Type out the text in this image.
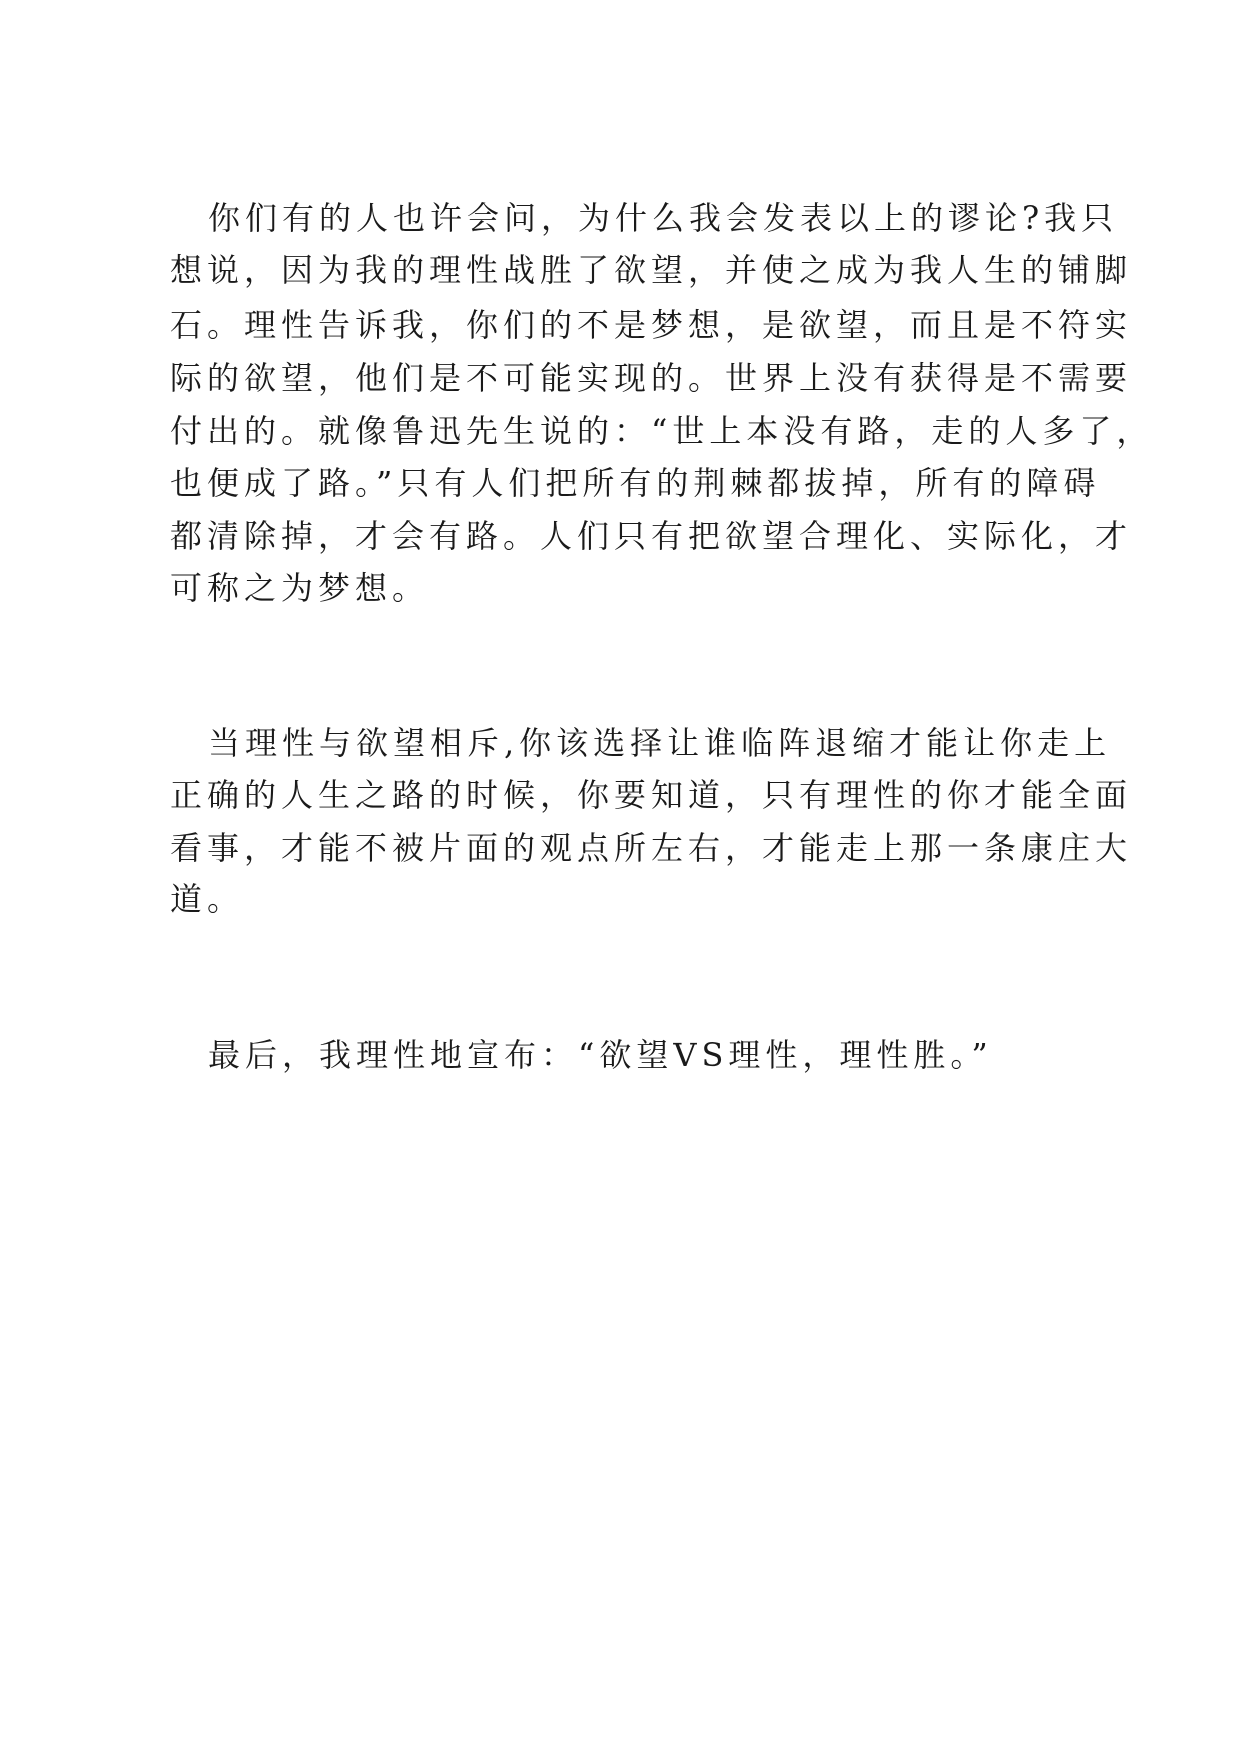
你们有的人也许会问，为什么我会发表以上的谬论?我只
想说，因为我的理性战胜了欲望，并使之成为我人生的铺脚
石。理性告诉我，你们的不是梦想，是欲望，而且是不符实
际的欲望，他们是不可能实现的。世界上没有获得是不需要
付出的。就像鲁迅先生说的：“世上本没有路，走的人多了，
也便成了路。”只有人们把所有的荆棘都拔掉，所有的障碍
都清除掉，才会有路。人们只有把欲望合理化、实际化，才
可称之为梦想。
当理性与欲望相斥,你该选择让谁临阵退缩才能让你走上
正确的人生之路的时候，你要知道，只有理性的你才能全面
看事，才能不被片面的观点所左右，才能走上那一条康庄大
道。
最后，我理性地宣布：“欲望VS理性，理性胜。”
